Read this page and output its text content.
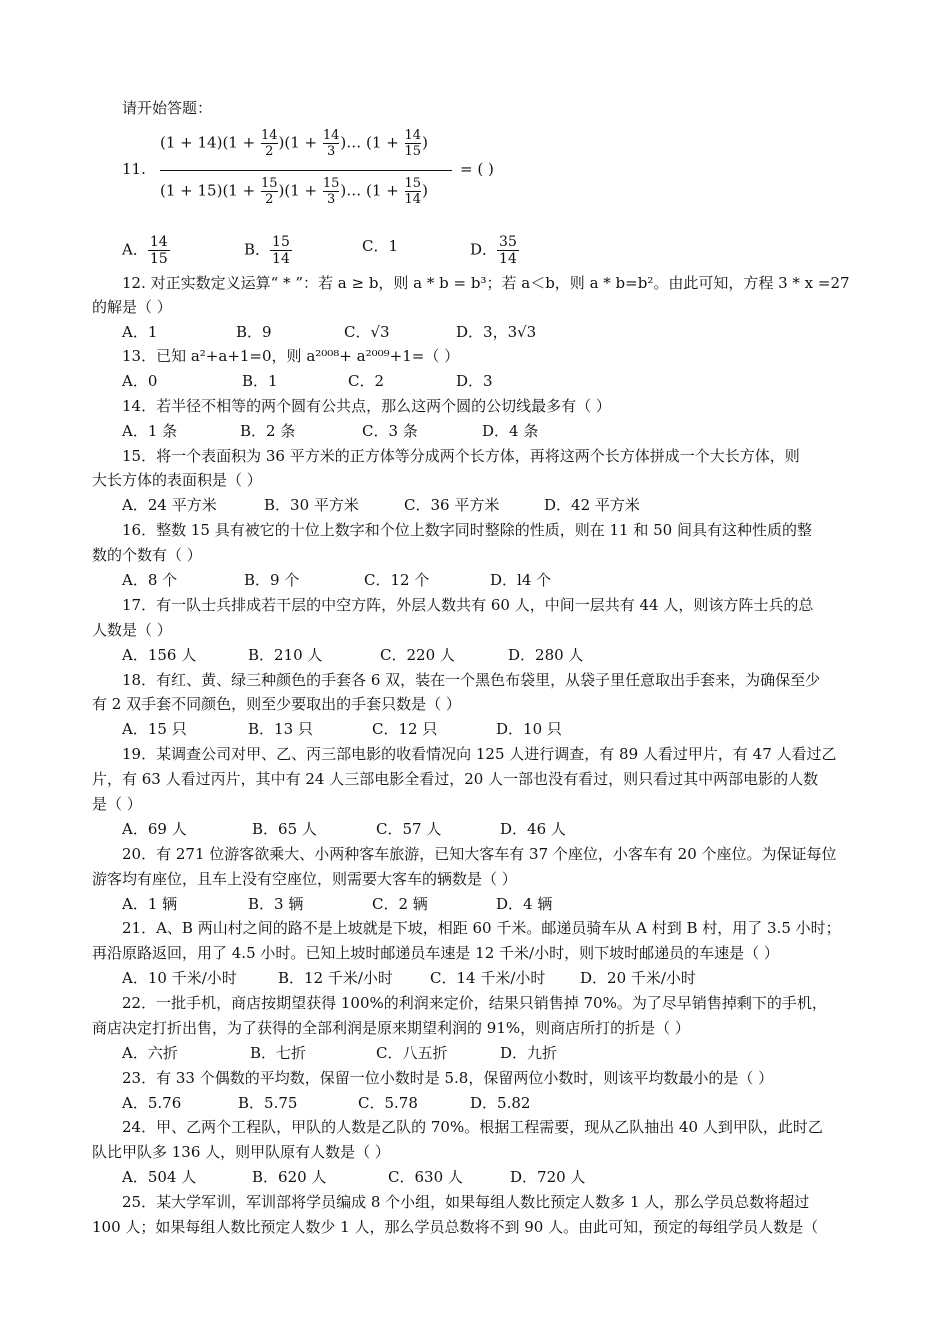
请开始答题：
11.
$(1 + 14)(1 + \frac{14}{2})(1$ + $\frac{14}{3})\dots$ $(1 + \frac{14}{15})$
$(1 + 15)(1 + \frac{15}{2})(1$ + $\frac{15}{3})\dots$ $(1 + \frac{15}{14})$
= ( )
A． $\frac{14}{15}$	B． $\frac{15}{14}$	C．1	D． $\frac{35}{14}$
12. 对正实数定义运算“ * ”：若 a ≥ b，则 a * b = b³；若 a＜b，则 a * b=b²。由此可知，方程 3 * x =27
的解是（ ）
A．1	B．9	C．√3	D．3，3√3
13．已知 a²+a+1=0，则 a²⁰⁰⁸+ a²⁰⁰⁹+1=（ ）
A．0	B．1	C．2	D．3
14．若半径不相等的两个圆有公共点，那么这两个圆的公切线最多有（ ）
A．1 条	B．2 条	C．3 条	D．4 条
15．将一个表面积为 36 平方米的正方体等分成两个长方体，再将这两个长方体拼成一个大长方体，则
大长方体的表面积是（ ）
A．24 平方米	B．30 平方米	C．36 平方米	D．42 平方米
16．整数 15 具有被它的十位上数字和个位上数字同时整除的性质，则在 11 和 50 间具有这种性质的整
数的个数有（ ）
A．8 个	B．9 个	C．12 个	D．l4 个
17．有一队士兵排成若干层的中空方阵，外层人数共有 60 人，中间一层共有 44 人，则该方阵士兵的总
人数是（ ）
A．156 人	B．210 人	C．220 人	D．280 人
18．有红、黄、绿三种颜色的手套各 6 双，装在一个黑色布袋里，从袋子里任意取出手套来，为确保至少
有 2 双手套不同颜色，则至少要取出的手套只数是（ ）
A．15 只	B．13 只	C．12 只	D．10 只
19．某调查公司对甲、乙、丙三部电影的收看情况向 125 人进行调查，有 89 人看过甲片，有 47 人看过乙
片，有 63 人看过丙片，其中有 24 人三部电影全看过，20 人一部也没有看过，则只看过其中两部电影的人数
是（ ）
A．69 人	B．65 人	C．57 人	D．46 人
20．有 271 位游客欲乘大、小两种客车旅游，已知大客车有 37 个座位，小客车有 20 个座位。为保证每位
游客均有座位，且车上没有空座位，则需要大客车的辆数是（ ）
A．1 辆	B．3 辆	C．2 辆	D．4 辆
21．A、B 两山村之间的路不是上坡就是下坡，相距 60 千米。邮递员骑车从 A 村到 B 村，用了 3.5 小时；
再沿原路返回，用了 4.5 小时。已知上坡时邮递员车速是 12 千米/小时，则下坡时邮递员的车速是（ ）
A．10 千米/小时	B．12 千米/小时 C．14 千米/小时 D．20 千米/小时
22．一批手机，商店按期望获得 100%的利润来定价，结果只销售掉 70%。为了尽早销售掉剩下的手机，
商店决定打折出售，为了获得的全部利润是原来期望利润的 91%，则商店所打的折是（ ）
A．六折	B．七折	C．八五折	D．九折
23．有 33 个偶数的平均数，保留一位小数时是 5.8，保留两位小数时，则该平均数最小的是（ ）
A．5.76	B．5.75	C．5.78	D．5.82
24．甲、乙两个工程队，甲队的人数是乙队的 70%。根据工程需要，现从乙队抽出 40 人到甲队，此时乙
队比甲队多 136 人，则甲队原有人数是（ ）
A．504 人	B．620 人	C．630 人	D．720 人
25．某大学军训，军训部将学员编成 8 个小组，如果每组人数比预定人数多 1 人，那么学员总数将超过
100 人；如果每组人数比预定人数少 1 人，那么学员总数将不到 90 人。由此可知，预定的每组学员人数是（
